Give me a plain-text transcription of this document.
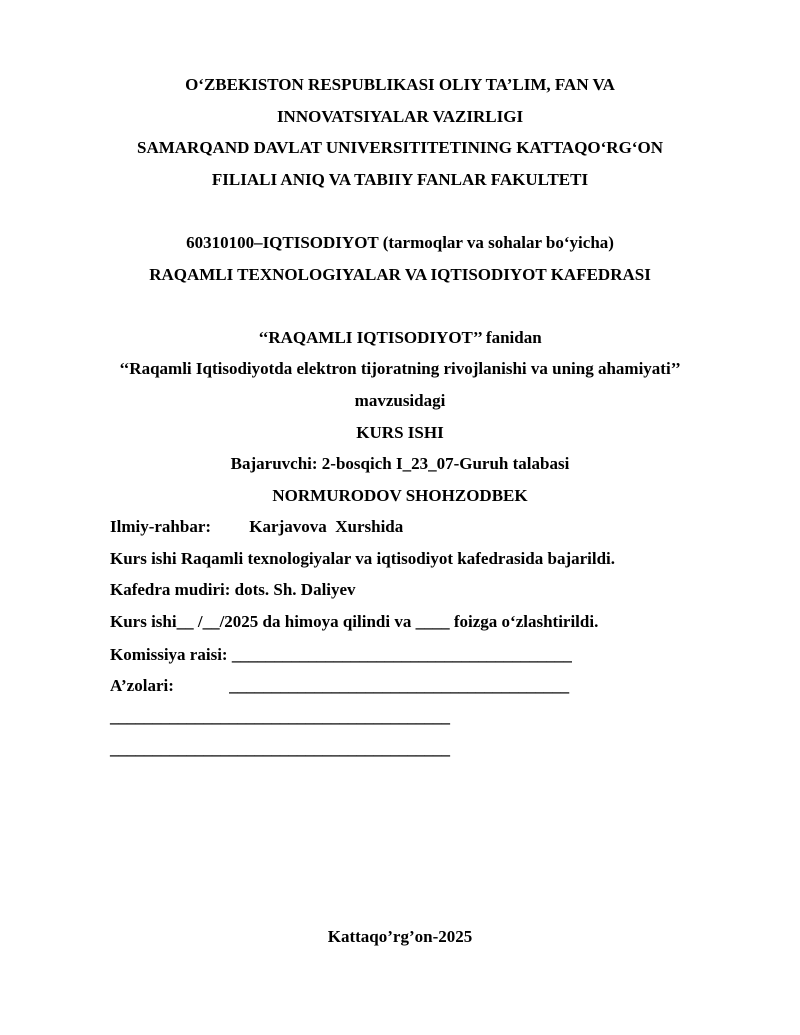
O‘ZBEKISTON RESPUBLIKASI OLIY TA’LIM, FAN VA
INNOVATSIYALAR VAZIRLIGI
SAMARQAND DAVLAT UNIVERSITITETINING KATTAQO‘RG‘ON
FILIALI ANIQ VA TABIIY FANLAR FAKULTETI
60310100–IQTISODIYOT (tarmoqlar va sohalar bo‘yicha)
RAQAMLI TEXNOLOGIYALAR VA IQTISODIYOT KAFEDRASI
‘‘RAQAMLI IQTISODIYOT’’ fanidan
‘‘Raqamli Iqtisodiyotda elektron tijoratning rivojlanishi va uning ahamiyati’’
mavzusidagi
KURS ISHI
Bajaruvchi: 2-bosqich I_23_07-Guruh talabasi
NORMURODOV SHOHZODBEK
Ilmiy-rahbar:         Karjavova  Xurshida
Kurs ishi Raqamli texnologiyalar va iqtisodiyot kafedrasida bajarildi.
Kafedra mudiri: dots. Sh. Daliyev
Kurs ishi__ /__/2025 da himoya qilindi va ____ foizga o‘zlashtirildi.
Komissiya raisi: ________________________________________
A’zolari:             ________________________________________
________________________________________
________________________________________
Kattaqo’rg’on-2025
